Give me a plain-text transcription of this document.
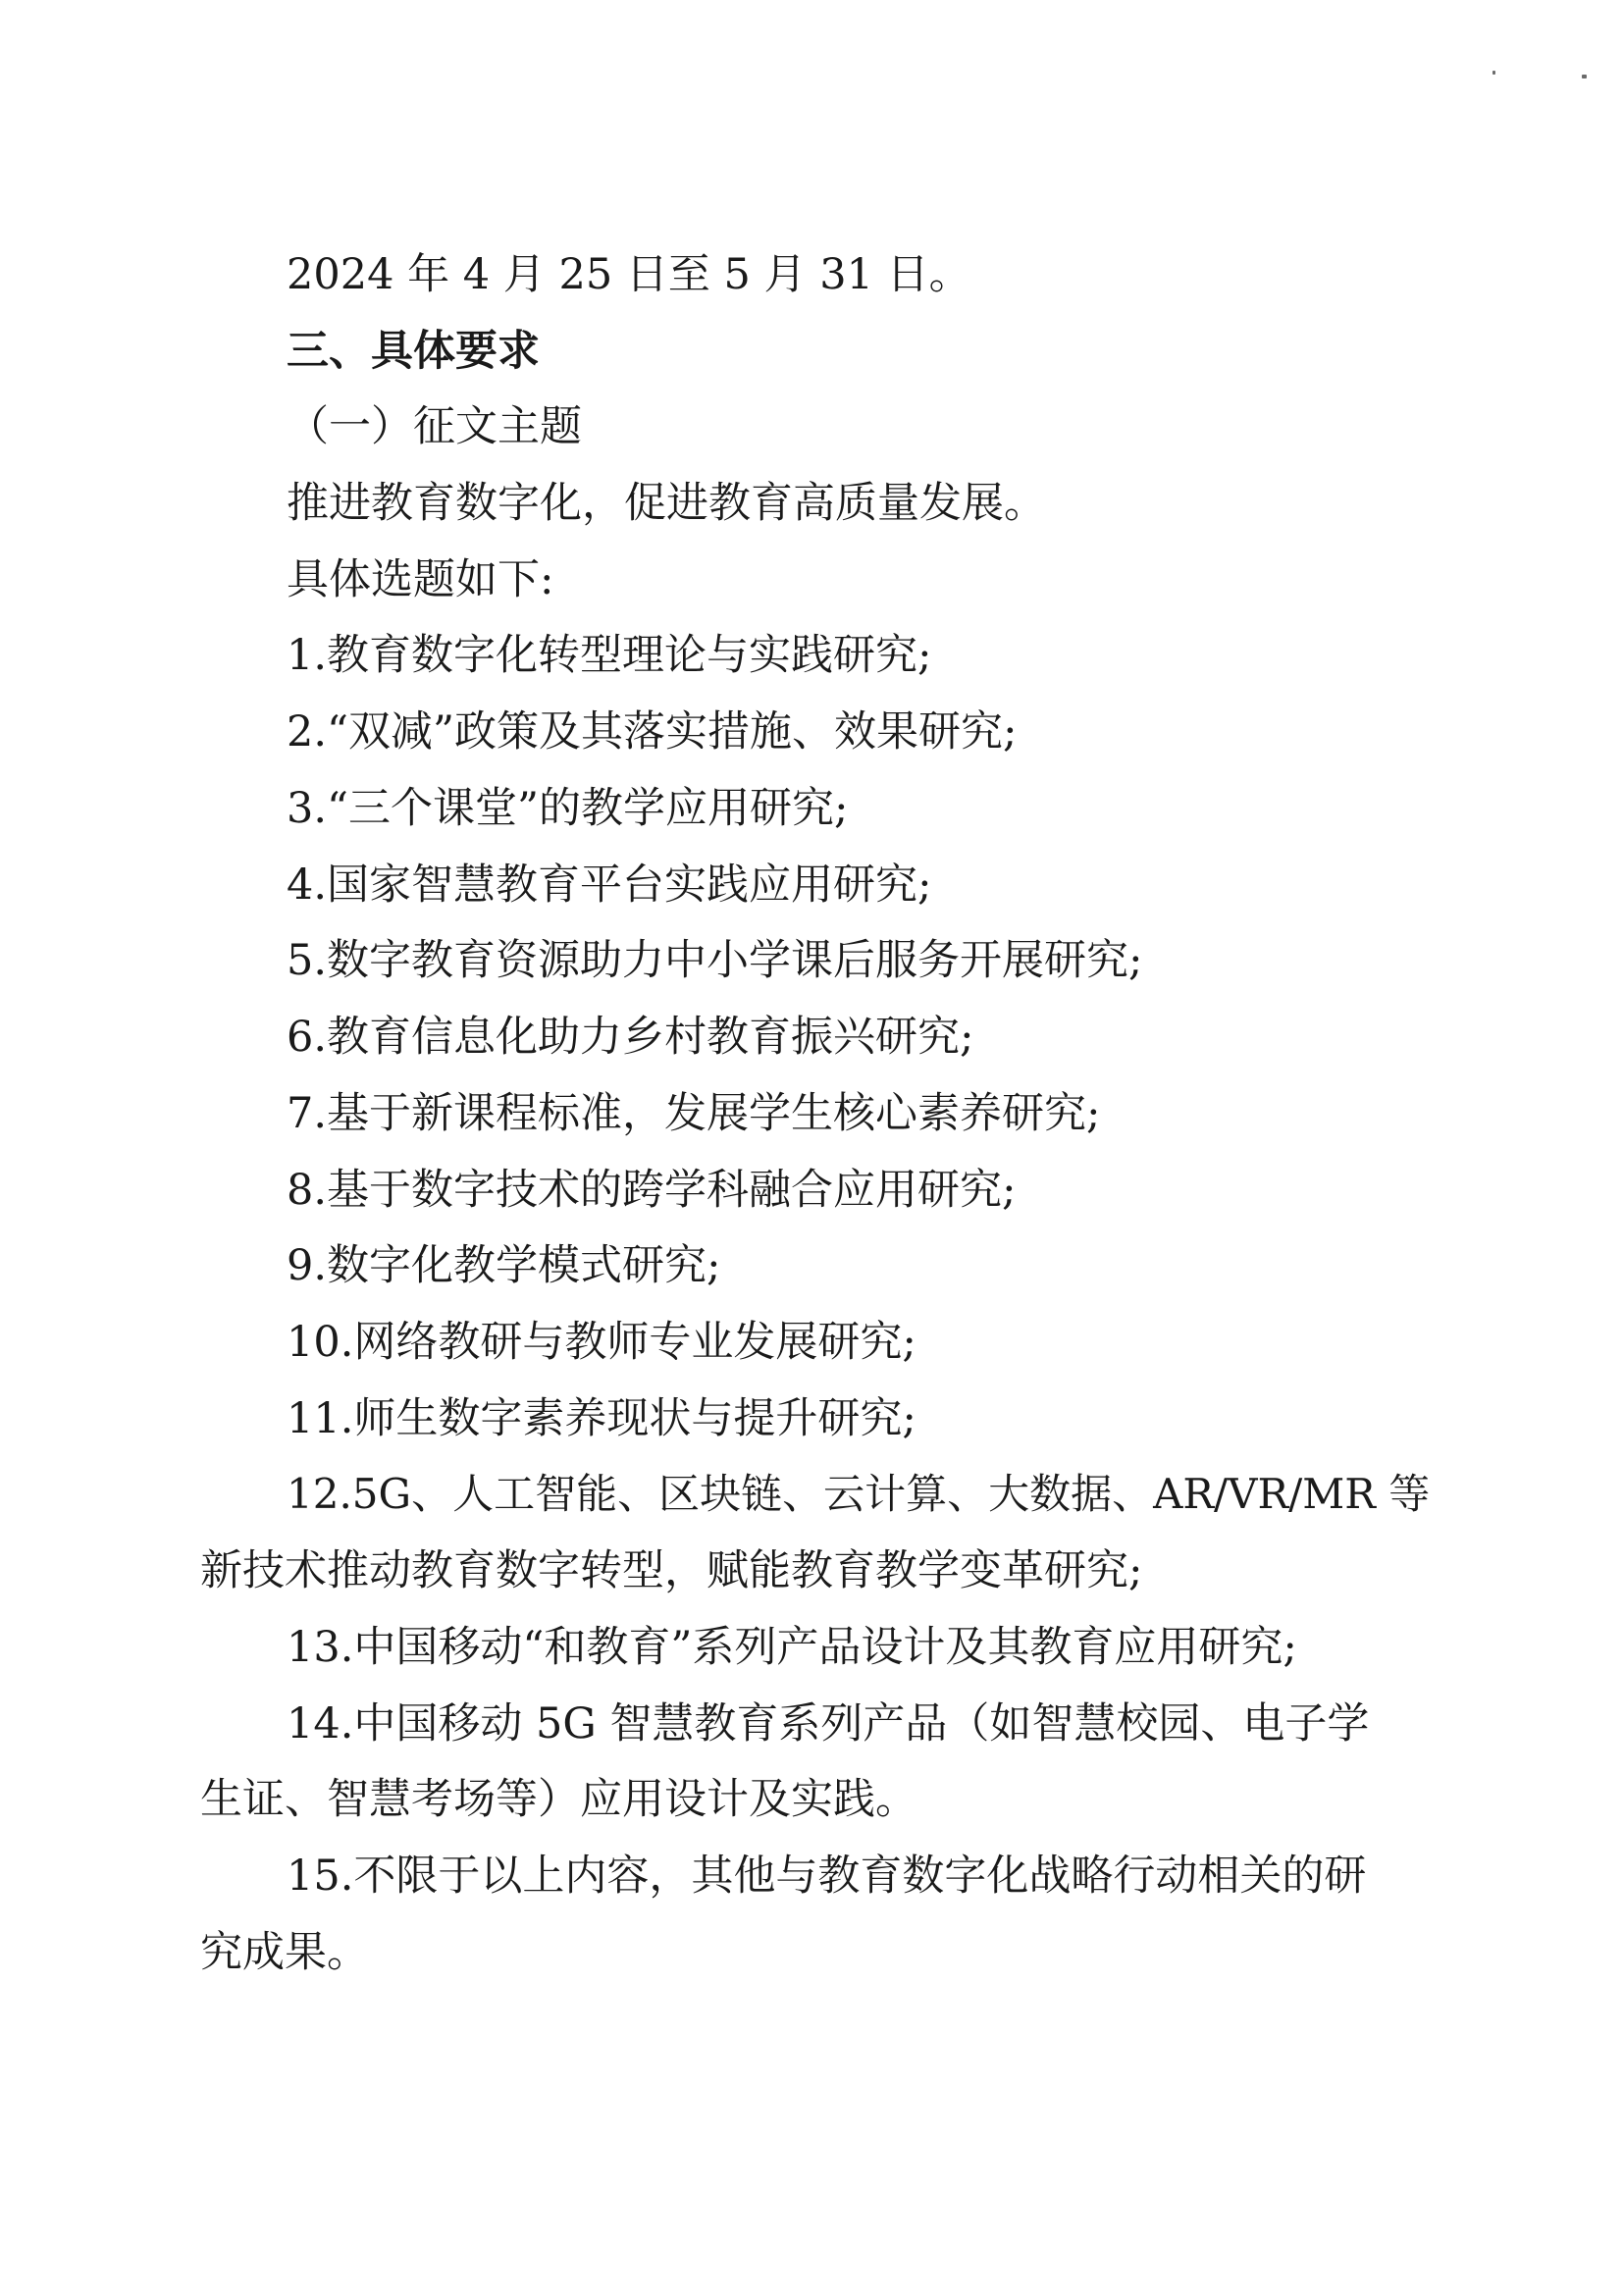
2024 年 4 月 25 日至 5 月 31 日。
三、具体要求
（一）征文主题
推进教育数字化，促进教育高质量发展。
具体选题如下:
1.教育数字化转型理论与实践研究;
2.“双减”政策及其落实措施、效果研究;
3.“三个课堂”的教学应用研究;
4.国家智慧教育平台实践应用研究;
5.数字教育资源助力中小学课后服务开展研究;
6.教育信息化助力乡村教育振兴研究;
7.基于新课程标准，发展学生核心素养研究;
8.基于数字技术的跨学科融合应用研究;
9.数字化教学模式研究;
10.网络教研与教师专业发展研究;
11.师生数字素养现状与提升研究;
12.5G、人工智能、区块链、云计算、大数据、AR/VR/MR 等
新技术推动教育数字转型，赋能教育教学变革研究;
13.中国移动“和教育”系列产品设计及其教育应用研究;
14.中国移动 5G 智慧教育系列产品（如智慧校园、电子学
生证、智慧考场等）应用设计及实践。
15.不限于以上内容，其他与教育数字化战略行动相关的研
究成果。
